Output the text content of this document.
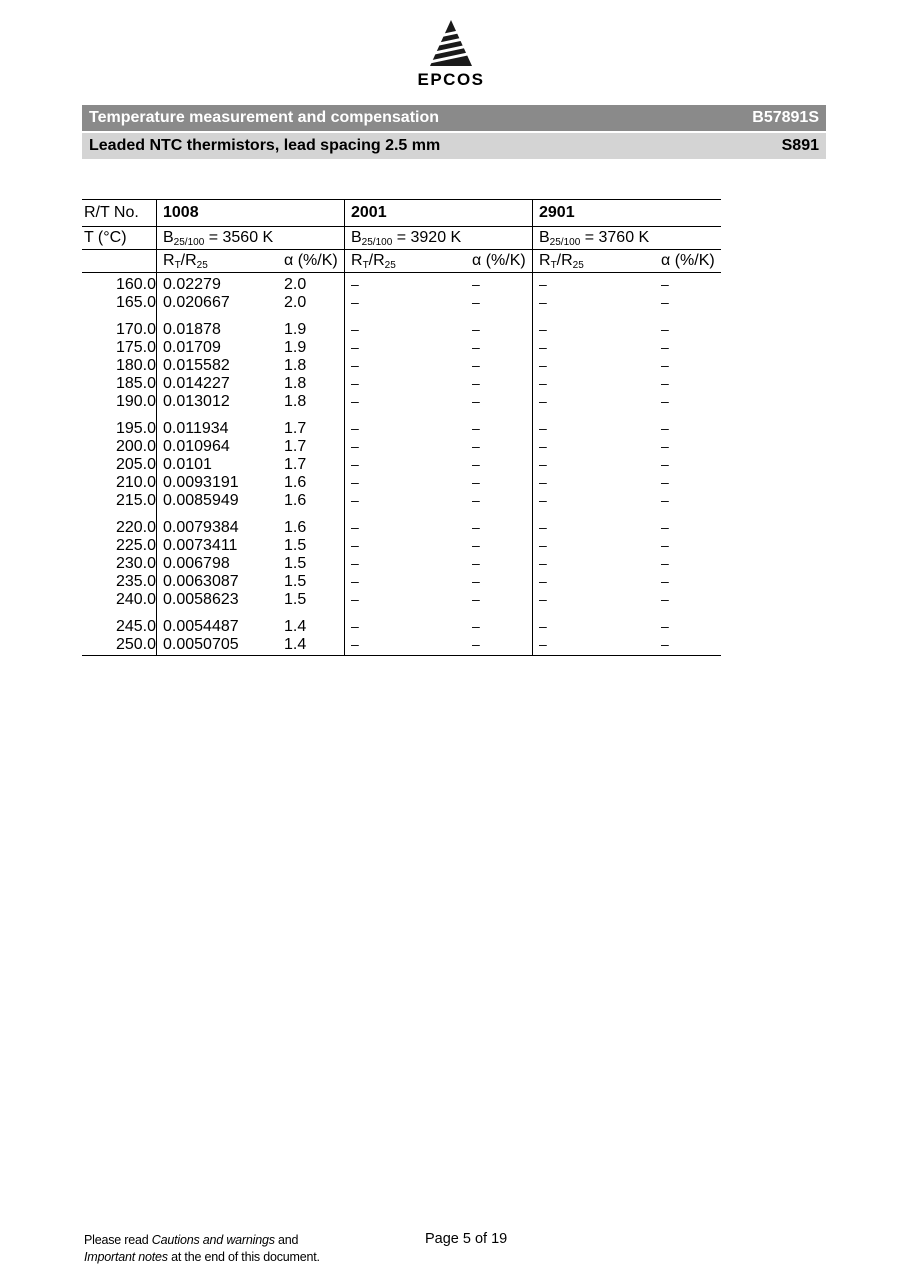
EPCOS
Temperature measurement and compensation	B57891S
Leaded NTC thermistors, lead spacing 2.5 mm	S891
R/T No.	1008		2001		2901	
T (°C)	$B_{25/100} = 3560$ K		$B_{25/100} = 3920$ K		$B_{25/100} = 3760$ K	
	$R_T/R_{25}$	α (%/K)	$R_T/R_{25}$	α (%/K)	$R_T/R_{25}$	α (%/K)
160.0	0.02279	2.0	–	–	–	–
165.0	0.020667	2.0	–	–	–	–
170.0	0.01878	1.9	–	–	–	–
175.0	0.01709	1.9	–	–	–	–
180.0	0.015582	1.8	–	–	–	–
185.0	0.014227	1.8	–	–	–	–
190.0	0.013012	1.8	–	–	–	–
195.0	0.011934	1.7	–	–	–	–
200.0	0.010964	1.7	–	–	–	–
205.0	0.0101	1.7	–	–	–	–
210.0	0.0093191	1.6	–	–	–	–
215.0	0.0085949	1.6	–	–	–	–
220.0	0.0079384	1.6	–	–	–	–
225.0	0.0073411	1.5	–	–	–	–
230.0	0.006798	1.5	–	–	–	–
235.0	0.0063087	1.5	–	–	–	–
240.0	0.0058623	1.5	–	–	–	–
245.0	0.0054487	1.4	–	–	–	–
250.0	0.0050705	1.4	–	–	–	–
Please read Cautions and warnings and
Important notes at the end of this document.
Page 5 of 19
